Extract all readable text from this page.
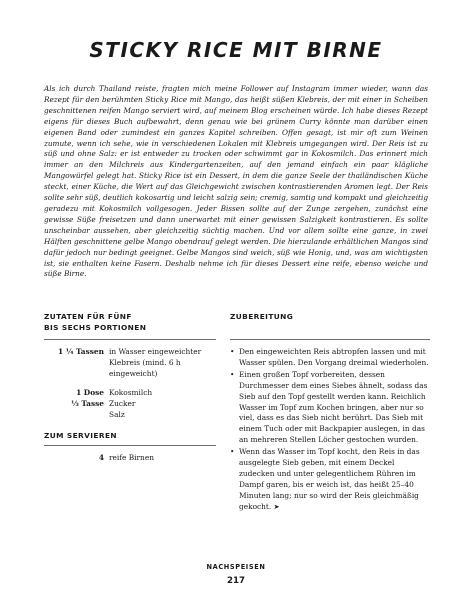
STICKY RICE MIT BIRNE

Als ich durch Thailand reiste, fragten mich meine Follower auf Instagram immer wieder, wann das Rezept für den berühmten Sticky Rice mit Mango, das heißt süßen Klebreis, der mit einer in Scheiben geschnittenen reifen Mango serviert wird, auf meinem Blog erscheinen würde. Ich habe dieses Rezept eigens für dieses Buch aufbewahrt, denn genau wie bei grünem Curry könnte man darüber einen eigenen Band oder zumindest ein ganzes Kapitel schreiben. Offen gesagt, ist mir oft zum Weinen zumute, wenn ich sehe, wie in verschiedenen Lokalen mit Klebreis umgegangen wird. Der Reis ist zu süß und ohne Salz: er ist entweder zu trocken oder schwimmt gar in Kokosmilch. Das erinnert mich immer an den Milchreis aus Kindergartenzeiten, auf den jemand einfach ein paar klägliche Mangowürfel gelegt hat. Sticky Rice ist ein Dessert, in dem die ganze Seele der thailändischen Küche steckt, einer Küche, die Wert auf das Gleichgewicht zwischen kontrastierenden Aromen legt. Der Reis sollte sehr süß, deutlich kokosartig und leicht salzig sein; cremig, samtig und kompakt und gleichzeitig geradezu mit Kokosmilch vollgesogen. Jeder Bissen sollte auf der Zunge zergehen, zunächst eine gewisse Süße freisetzen und dann unerwartet mit einer gewissen Salzigkeit kontrastieren. Es sollte unscheinbar aussehen, aber gleichzeitig süchtig machen. Und vor allem sollte eine ganze, in zwei Hälften geschnittene gelbe Mango obendrauf gelegt werden. Die hierzulande erhältlichen Mangos sind dafür jedoch nur bedingt geeignet. Gelbe Mangos sind weich, süß wie Honig, und, was am wichtigsten ist, sie enthalten keine Fasern. Deshalb nehme ich für dieses Dessert eine reife, ebenso weiche und süße Birne.

ZUTATEN FÜR FÜNF
BIS SECHS PORTIONEN
1 ¼ Tassen in Wasser eingeweichter Klebreis (mind. 6 h eingeweicht)
1 Dose Kokosmilch
⅓ Tasse Zucker
Salz
ZUM SERVIEREN
4 reife Birnen
ZUBEREITUNG
• Den eingeweichten Reis abtropfen lassen und mit Wasser spülen. Den Vorgang dreimal wiederholen.
• Einen großen Topf vorbereiten, dessen Durchmesser dem eines Siebes ähnelt, sodass das Sieb auf den Topf gestellt werden kann. Reichlich Wasser im Topf zum Kochen bringen, aber nur so viel, dass es das Sieb nicht berührt. Das Sieb mit einem Tuch oder mit Backpapier auslegen, in das an mehreren Stellen Löcher gestochen wurden.
• Wenn das Wasser im Topf kocht, den Reis in das ausgelegte Sieb geben, mit einem Deckel zudecken und unter gelegentlichem Rühren im Dampf garen, bis er weich ist, das heißt 25–40 Minuten lang; nur so wird der Reis gleichmäßig gekocht. ➤
NACHSPEISEN
217
